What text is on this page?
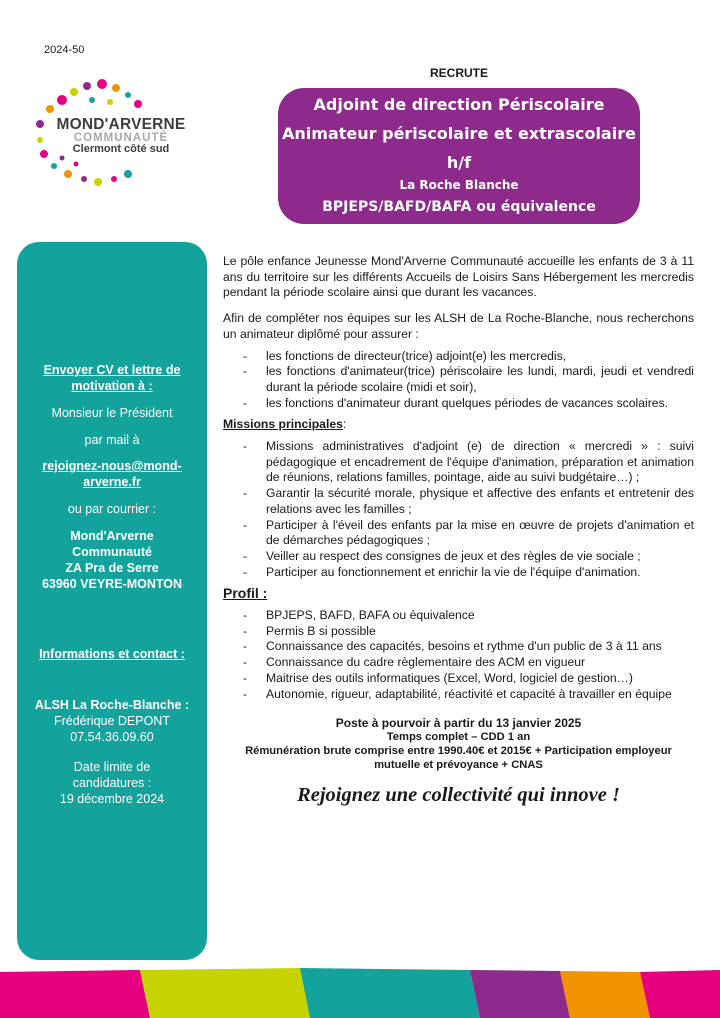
2024-50
MOND'ARVERNE
COMMUNAUTÉ
Clermont côté sud
RECRUTE
Adjoint de direction Périscolaire
Animateur périscolaire et extrascolaire
h/f
La Roche Blanche
BPJEPS/BAFD/BAFA ou équivalence
Envoyer CV et lettre de motivation à :
Monsieur le Président
par mail à
rejoignez-nous@mond-arverne.fr
ou par courrier :
Mond'Arverne
Communauté
ZA Pra de Serre
63960 VEYRE-MONTON
Informations et contact :
ALSH La Roche-Blanche :
Frédérique DEPONT
07.54.36.09.60
Date limite de
candidatures :
19 décembre 2024

Le pôle enfance Jeunesse Mond'Arverne Communauté accueille les enfants de 3 à 11 ans du territoire sur les différents Accueils de Loisirs Sans Hébergement les mercredis pendant la période scolaire ainsi que durant les vacances.

Afin de compléter nos équipes sur les ALSH de La Roche-Blanche, nous recherchons un animateur diplômé pour assurer :

- les fonctions de directeur(trice) adjoint(e) les mercredis,
- les fonctions d'animateur(trice) périscolaire les lundi, mardi, jeudi et vendredi durant la période scolaire (midi et soir),
- les fonctions d'animateur durant quelques périodes de vacances scolaires.

Missions principales:

- Missions administratives d'adjoint (e) de direction « mercredi » : suivi pédagogique et encadrement de l'équipe d'animation, préparation et animation de réunions, relations familles, pointage, aide au suivi budgétaire…) ;
- Garantir la sécurité morale, physique et affective des enfants et entretenir des relations avec les familles ;
- Participer à l'éveil des enfants par la mise en œuvre de projets d'animation et de démarches pédagogiques ;
- Veiller au respect des consignes de jeux et des règles de vie sociale ;
- Participer au fonctionnement et enrichir la vie de l'équipe d'animation.

Profil :

- BPJEPS, BAFD, BAFA ou équivalence
- Permis B si possible
- Connaissance des capacités, besoins et rythme d'un public de 3 à 11 ans
- Connaissance du cadre règlementaire des ACM en vigueur
- Maitrise des outils informatiques (Excel, Word, logiciel de gestion…)
- Autonomie, rigueur, adaptabilité, réactivité et capacité à travailler en équipe
Poste à pourvoir à partir du 13 janvier 2025
Temps complet – CDD 1 an
Rémunération brute comprise entre 1990.40€ et 2015€ + Participation employeur mutuelle et prévoyance + CNAS
Rejoignez une collectivité qui innove !
